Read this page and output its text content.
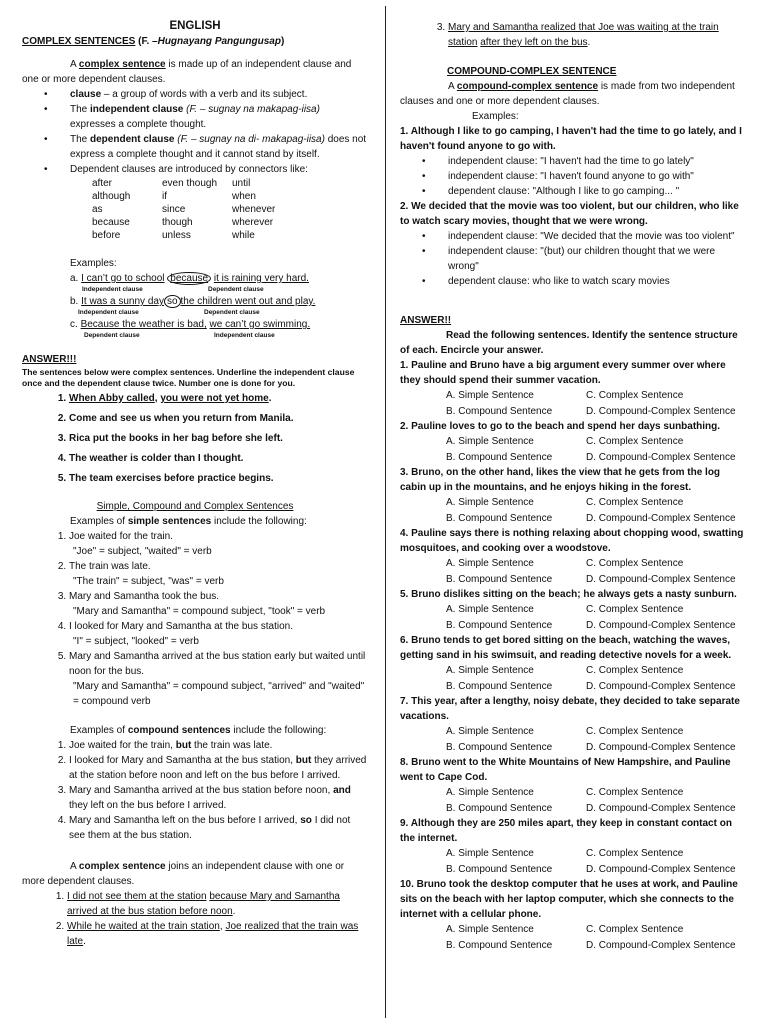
ENGLISH
COMPLEX SENTENCES (F. –Hugnayang Pangungusap)
A complex sentence is made up of an independent clause and one or more dependent clauses.
• clause – a group of words with a verb and its subject.
• The independent clause (F. – sugnay na makapag-iisa) expresses a complete thought.
• The dependent clause (F. – sugnay na di- makapag-iisa) does not express a complete thought and it cannot stand by itself.
• Dependent clauses are introduced by connectors like:
after	even though	until
although	if	when
as	since	whenever
because	though	wherever
before	unless	while
Examples:
a. I can’t go to school because it is raining very hard.
Independent clause	Dependent clause
b. It was a sunny day so the children went out and play.
Independent clause	Dependent clause
c. Because the weather is bad, we can’t go swimming.
Dependent clause	Independent clause
ANSWER!!!
The sentences below were complex sentences. Underline the independent clause once and the dependent clause twice. Number one is done for you.
1. When Abby called, you were not yet home.
2. Come and see us when you return from Manila.
3. Rica put the books in her bag before she left.
4. The weather is colder than I thought.
5. The team exercises before practice begins.
Simple, Compound and Complex Sentences
Examples of simple sentences include the following:
1. Joe waited for the train.
"Joe" = subject, "waited" = verb
2. The train was late.
"The train" = subject, "was" = verb
3. Mary and Samantha took the bus.
"Mary and Samantha" = compound subject, "took" = verb
4. I looked for Mary and Samantha at the bus station.
"I" = subject, "looked" = verb
5. Mary and Samantha arrived at the bus station early but waited until noon for the bus.
"Mary and Samantha" = compound subject, "arrived" and "waited" = compound verb
Examples of compound sentences include the following:
1. Joe waited for the train, but the train was late.
2. I looked for Mary and Samantha at the bus station, but they arrived at the station before noon and left on the bus before I arrived.
3. Mary and Samantha arrived at the bus station before noon, and they left on the bus before I arrived.
4. Mary and Samantha left on the bus before I arrived, so I did not see them at the bus station.
A complex sentence joins an independent clause with one or more dependent clauses.
1. I did not see them at the station because Mary and Samantha arrived at the bus station before noon.
2. While he waited at the train station, Joe realized that the train was late.
3. Mary and Samantha realized that Joe was waiting at the train station after they left on the bus.
COMPOUND-COMPLEX SENTENCE
A compound-complex sentence is made from two independent clauses and one or more dependent clauses.
Examples:
1. Although I like to go camping, I haven't had the time to go lately, and I haven't found anyone to go with.
• independent clause: "I haven't had the time to go lately"
• independent clause: "I haven't found anyone to go with"
• dependent clause: "Although I like to go camping... "
2. We decided that the movie was too violent, but our children, who like to watch scary movies, thought that we were wrong.
• independent clause: "We decided that the movie was too violent"
• independent clause: "(but) our children thought that we were wrong"
• dependent clause: who like to watch scary movies
ANSWER!!
Read the following sentences. Identify the sentence structure of each. Encircle your answer.
1. Pauline and Bruno have a big argument every summer over where they should spend their summer vacation.
A. Simple Sentence	C. Complex Sentence
B. Compound Sentence	D. Compound-Complex Sentence
2. Pauline loves to go to the beach and spend her days sunbathing.
A. Simple Sentence	C. Complex Sentence
B. Compound Sentence	D. Compound-Complex Sentence
3. Bruno, on the other hand, likes the view that he gets from the log cabin up in the mountains, and he enjoys hiking in the forest.
A. Simple Sentence	C. Complex Sentence
B. Compound Sentence	D. Compound-Complex Sentence
4. Pauline says there is nothing relaxing about chopping wood, swatting mosquitoes, and cooking over a woodstove.
A. Simple Sentence	C. Complex Sentence
B. Compound Sentence	D. Compound-Complex Sentence
5. Bruno dislikes sitting on the beach; he always gets a nasty sunburn.
A. Simple Sentence	C. Complex Sentence
B. Compound Sentence	D. Compound-Complex Sentence
6. Bruno tends to get bored sitting on the beach, watching the waves, getting sand in his swimsuit, and reading detective novels for a week.
A. Simple Sentence	C. Complex Sentence
B. Compound Sentence	D. Compound-Complex Sentence
7. This year, after a lengthy, noisy debate, they decided to take separate vacations.
A. Simple Sentence	C. Complex Sentence
B. Compound Sentence	D. Compound-Complex Sentence
8. Bruno went to the White Mountains of New Hampshire, and Pauline went to Cape Cod.
A. Simple Sentence	C. Complex Sentence
B. Compound Sentence	D. Compound-Complex Sentence
9. Although they are 250 miles apart, they keep in constant contact on the internet.
A. Simple Sentence	C. Complex Sentence
B. Compound Sentence	D. Compound-Complex Sentence
10. Bruno took the desktop computer that he uses at work, and Pauline sits on the beach with her laptop computer, which she connects to the internet with a cellular phone.
A. Simple Sentence	C. Complex Sentence
B. Compound Sentence	D. Compound-Complex Sentence
